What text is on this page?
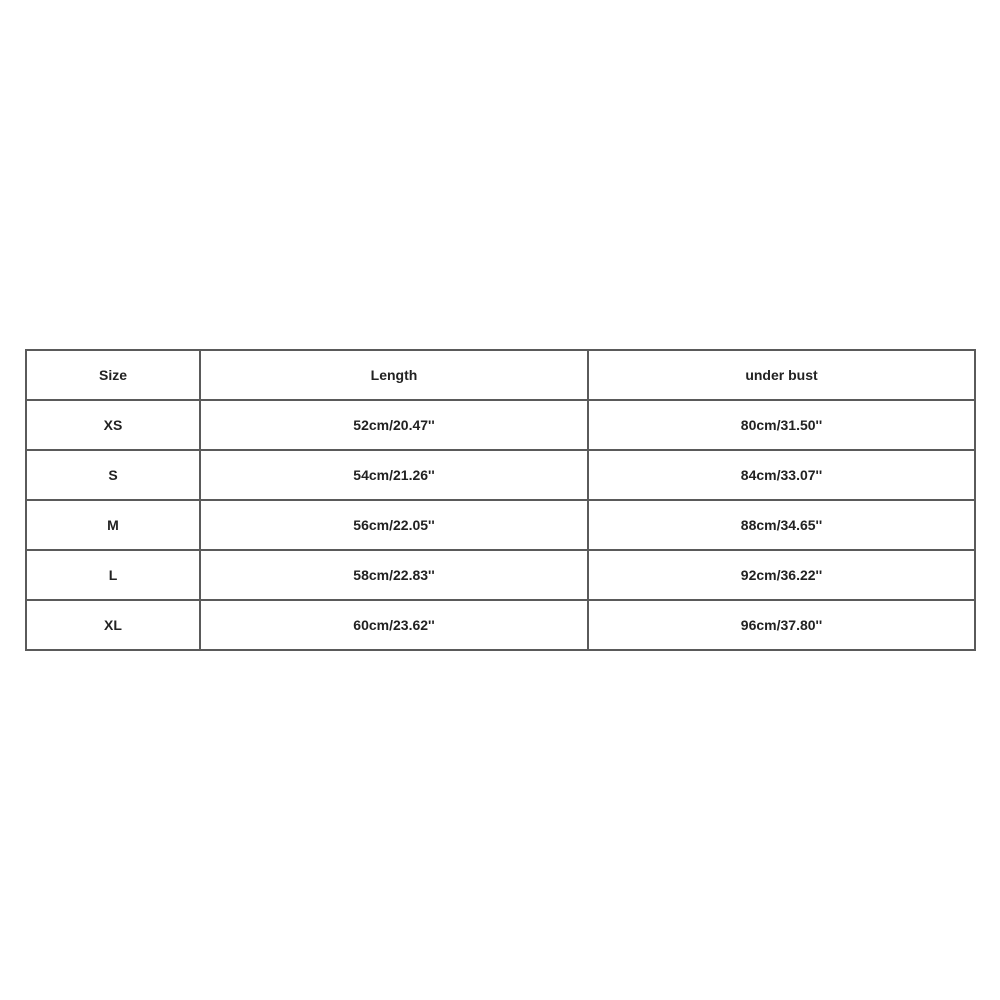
Size	Length	under bust
XS	52cm/20.47''	80cm/31.50''
S	54cm/21.26''	84cm/33.07''
M	56cm/22.05''	88cm/34.65''
L	58cm/22.83''	92cm/36.22''
XL	60cm/23.62''	96cm/37.80''
